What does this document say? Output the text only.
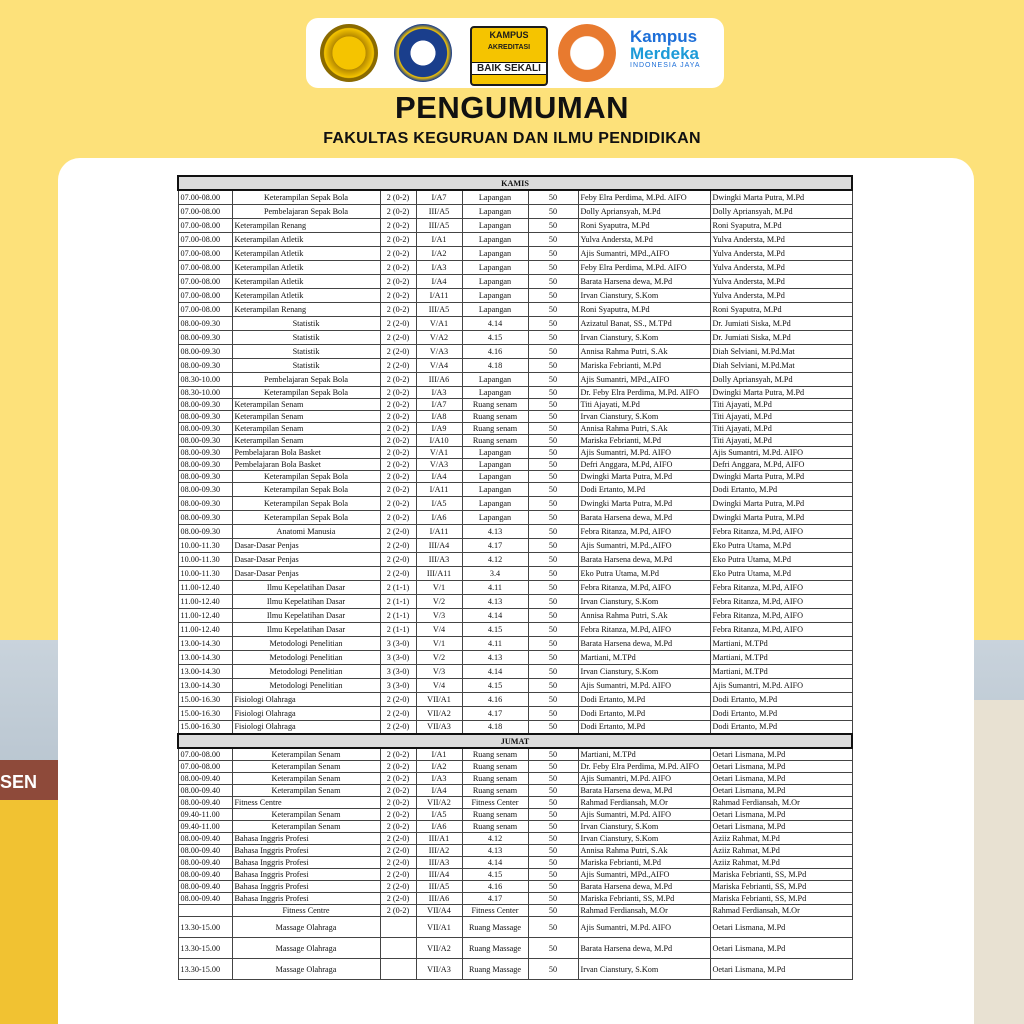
SEN
KAMPUS
AKREDITASI
BAIK SEKALI
Kampus
Merdeka
INDONESIA JAYA
PENGUMUMAN
FAKULTAS KEGURUAN DAN ILMU PENDIDIKAN
KAMIS							
07.00-08.00	Keterampilan Sepak Bola	2 (0-2)	I/A7	Lapangan	50	Feby Elra Perdima, M.Pd. AIFO	Dwingki Marta Putra, M.Pd
07.00-08.00	Pembelajaran Sepak Bola	2 (0-2)	III/A5	Lapangan	50	Dolly Apriansyah, M.Pd	Dolly Apriansyah, M.Pd
07.00-08.00	Keterampilan Renang	2 (0-2)	III/A5	Lapangan	50	Roni Syaputra, M.Pd	Roni Syaputra, M.Pd
07.00-08.00	Keterampilan Atletik	2 (0-2)	I/A1	Lapangan	50	Yulva Andersta, M.Pd	Yulva Andersta, M.Pd
07.00-08.00	Keterampilan Atletik	2 (0-2)	I/A2	Lapangan	50	Ajis Sumantri, MPd.,AIFO	Yulva Andersta, M.Pd
07.00-08.00	Keterampilan Atletik	2 (0-2)	I/A3	Lapangan	50	Feby Elra Perdima, M.Pd. AIFO	Yulva Andersta, M.Pd
07.00-08.00	Keterampilan Atletik	2 (0-2)	I/A4	Lapangan	50	Barata Harsena dewa, M.Pd	Yulva Andersta, M.Pd
07.00-08.00	Keterampilan Atletik	2 (0-2)	I/A11	Lapangan	50	Irvan Cianstury, S.Kom	Yulva Andersta, M.Pd
07.00-08.00	Keterampilan Renang	2 (0-2)	III/A5	Lapangan	50	Roni Syaputra, M.Pd	Roni Syaputra, M.Pd
08.00-09.30	Statistik	2 (2-0)	V/A1	4.14	50	Azizatul Banat, SS., M.TPd	Dr. Jumiati Siska, M.Pd
08.00-09.30	Statistik	2 (2-0)	V/A2	4.15	50	Irvan Cianstury, S.Kom	Dr. Jumiati Siska, M.Pd
08.00-09.30	Statistik	2 (2-0)	V/A3	4.16	50	Annisa Rahma Putri, S.Ak	Diah Selviani, M.Pd.Mat
08.00-09.30	Statistik	2 (2-0)	V/A4	4.18	50	Mariska Febrianti, M.Pd	Diah Selviani, M.Pd.Mat
08.30-10.00	Pembelajaran Sepak Bola	2 (0-2)	III/A6	Lapangan	50	Ajis Sumantri, MPd.,AIFO	Dolly Apriansyah, M.Pd
08.30-10.00	Keterampilan Sepak Bola	2 (0-2)	I/A3	Lapangan	50	Dr. Feby Elra Perdima, M.Pd. AIFO	Dwingki Marta Putra, M.Pd
08.00-09.30	Keterampilan Senam	2 (0-2)	I/A7	Ruang senam	50	Titi Ajayati, M.Pd	Titi Ajayati, M.Pd
08.00-09.30	Keterampilan Senam	2 (0-2)	I/A8	Ruang senam	50	Irvan Cianstury, S.Kom	Titi Ajayati, M.Pd
08.00-09.30	Keterampilan Senam	2 (0-2)	I/A9	Ruang senam	50	Annisa Rahma Putri, S.Ak	Titi Ajayati, M.Pd
08.00-09.30	Keterampilan Senam	2 (0-2)	I/A10	Ruang senam	50	Mariska Febrianti, M.Pd	Titi Ajayati, M.Pd
08.00-09.30	Pembelajaran Bola Basket	2 (0-2)	V/A1	Lapangan	50	Ajis Sumantri, M.Pd. AIFO	Ajis Sumantri, M.Pd. AIFO
08.00-09.30	Pembelajaran Bola Basket	2 (0-2)	V/A3	Lapangan	50	Defri Anggara, M.Pd, AIFO	Defri Anggara, M.Pd, AIFO
08.00-09.30	Keterampilan Sepak Bola	2 (0-2)	I/A4	Lapangan	50	Dwingki Marta Putra, M.Pd	Dwingki Marta Putra, M.Pd
08.00-09.30	Keterampilan Sepak Bola	2 (0-2)	I/A11	Lapangan	50	Dodi Ertanto, M.Pd	Dodi Ertanto, M.Pd
08.00-09.30	Keterampilan Sepak Bola	2 (0-2)	I/A5	Lapangan	50	Dwingki Marta Putra, M.Pd	Dwingki Marta Putra, M.Pd
08.00-09.30	Keterampilan Sepak Bola	2 (0-2)	I/A6	Lapangan	50	Barata Harsena dewa, M.Pd	Dwingki Marta Putra, M.Pd
08.00-09.30	Anatomi Manusia	2 (2-0)	I/A11	4.13	50	Febra Ritanza, M.Pd, AIFO	Febra Ritanza, M.Pd, AIFO
10.00-11.30	Dasar-Dasar Penjas	2 (2-0)	III/A4	4.17	50	Ajis Sumantri, M.Pd.,AIFO	Eko Putra Utama, M.Pd
10.00-11.30	Dasar-Dasar Penjas	2 (2-0)	III/A3	4.12	50	Barata Harsena dewa, M.Pd	Eko Putra Utama, M.Pd
10.00-11.30	Dasar-Dasar Penjas	2 (2-0)	III/A11	3.4	50	Eko Putra Utama, M.Pd	Eko Putra Utama, M.Pd
11.00-12.40	Ilmu Kepelatihan Dasar	2 (1-1)	V/1	4.11	50	Febra Ritanza, M.Pd, AIFO	Febra Ritanza, M.Pd, AIFO
11.00-12.40	Ilmu Kepelatihan Dasar	2 (1-1)	V/2	4.13	50	Irvan Cianstury, S.Kom	Febra Ritanza, M.Pd, AIFO
11.00-12.40	Ilmu Kepelatihan Dasar	2 (1-1)	V/3	4.14	50	Annisa Rahma Putri, S.Ak	Febra Ritanza, M.Pd, AIFO
11.00-12.40	Ilmu Kepelatihan Dasar	2 (1-1)	V/4	4.15	50	Febra Ritanza, M.Pd, AIFO	Febra Ritanza, M.Pd, AIFO
13.00-14.30	Metodologi Penelitian	3 (3-0)	V/1	4.11	50	Barata Harsena dewa, M.Pd	Martiani, M.TPd
13.00-14.30	Metodologi Penelitian	3 (3-0)	V/2	4.13	50	Martiani, M.TPd	Martiani, M.TPd
13.00-14.30	Metodologi Penelitian	3 (3-0)	V/3	4.14	50	Irvan Cianstury, S.Kom	Martiani, M.TPd
13.00-14.30	Metodologi Penelitian	3 (3-0)	V/4	4.15	50	Ajis Sumantri, M.Pd. AIFO	Ajis Sumantri, M.Pd. AIFO
15.00-16.30	Fisiologi Olahraga	2 (2-0)	VII/A1	4.16	50	Dodi Ertanto, M.Pd	Dodi Ertanto, M.Pd
15.00-16.30	Fisiologi Olahraga	2 (2-0)	VII/A2	4.17	50	Dodi Ertanto, M.Pd	Dodi Ertanto, M.Pd
15.00-16.30	Fisiologi Olahraga	2 (2-0)	VII/A3	4.18	50	Dodi Ertanto, M.Pd	Dodi Ertanto, M.Pd
JUMAT							
07.00-08.00	Keterampilan Senam	2 (0-2)	I/A1	Ruang senam	50	Martiani, M.TPd	Oetari Lismana, M.Pd
07.00-08.00	Keterampilan Senam	2 (0-2)	I/A2	Ruang senam	50	Dr. Feby Elra Perdima, M.Pd. AIFO	Oetari Lismana, M.Pd
08.00-09.40	Keterampilan Senam	2 (0-2)	I/A3	Ruang senam	50	Ajis Sumantri, M.Pd. AIFO	Oetari Lismana, M.Pd
08.00-09.40	Keterampilan Senam	2 (0-2)	I/A4	Ruang senam	50	Barata Harsena dewa, M.Pd	Oetari Lismana, M.Pd
08.00-09.40	Fitness Centre	2 (0-2)	VII/A2	Fitness Center	50	Rahmad Ferdiansah, M.Or	Rahmad Ferdiansah, M.Or
09.40-11.00	Keterampilan Senam	2 (0-2)	I/A5	Ruang senam	50	Ajis Sumantri, M.Pd. AIFO	Oetari Lismana, M.Pd
09.40-11.00	Keterampilan Senam	2 (0-2)	I/A6	Ruang senam	50	Irvan Cianstury, S.Kom	Oetari Lismana, M.Pd
08.00-09.40	Bahasa Inggris Profesi	2 (2-0)	III/A1	4.12	50	Irvan Cianstury, S.Kom	Aziiz Rahmat, M.Pd
08.00-09.40	Bahasa Inggris Profesi	2 (2-0)	III/A2	4.13	50	Annisa Rahma Putri, S.Ak	Aziiz Rahmat, M.Pd
08.00-09.40	Bahasa Inggris Profesi	2 (2-0)	III/A3	4.14	50	Mariska Febrianti, M.Pd	Aziiz Rahmat, M.Pd
08.00-09.40	Bahasa Inggris Profesi	2 (2-0)	III/A4	4.15	50	Ajis Sumantri, MPd.,AIFO	Mariska Febrianti, SS, M.Pd
08.00-09.40	Bahasa Inggris Profesi	2 (2-0)	III/A5	4.16	50	Barata Harsena dewa, M.Pd	Mariska Febrianti, SS, M.Pd
08.00-09.40	Bahasa Inggris Profesi	2 (2-0)	III/A6	4.17	50	Mariska Febrianti, SS, M.Pd	Mariska Febrianti, SS, M.Pd
	Fitness Centre	2 (0-2)	VII/A4	Fitness Center	50	Rahmad Ferdiansah, M.Or	Rahmad Ferdiansah, M.Or
13.30-15.00	Massage Olahraga		VII/A1	Ruang Massage	50	Ajis Sumantri, M.Pd. AIFO	Oetari Lismana, M.Pd
13.30-15.00	Massage Olahraga		VII/A2	Ruang Massage	50	Barata Harsena dewa, M.Pd	Oetari Lismana, M.Pd
13.30-15.00	Massage Olahraga		VII/A3	Ruang Massage	50	Irvan Cianstury, S.Kom	Oetari Lismana, M.Pd
